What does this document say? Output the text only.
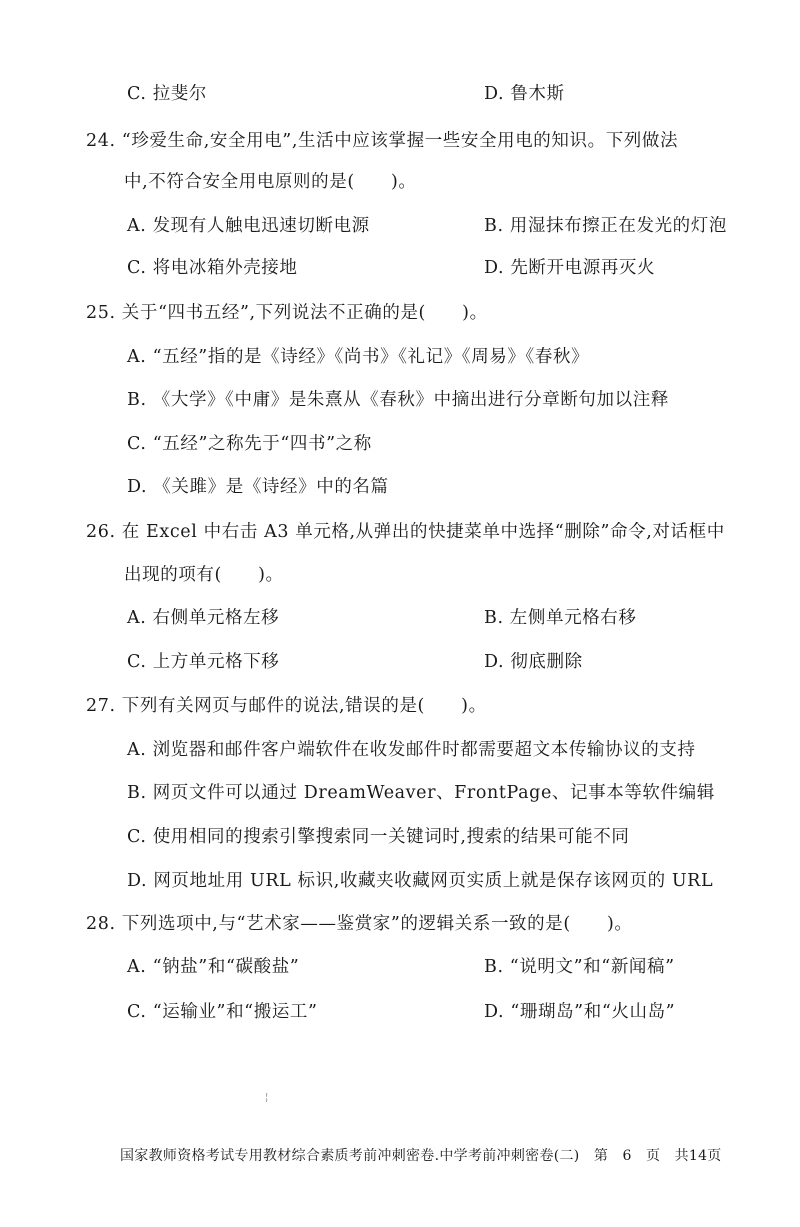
C. 拉斐尔	D. 鲁木斯
24. “珍爱生命,安全用电”,生活中应该掌握一些安全用电的知识。下列做法
中,不符合安全用电原则的是(　　)。
A. 发现有人触电迅速切断电源	B. 用湿抹布擦正在发光的灯泡
C. 将电冰箱外壳接地	D. 先断开电源再灭火
25. 关于“四书五经”,下列说法不正确的是(　　)。
A. “五经”指的是《诗经》《尚书》《礼记》《周易》《春秋》
B. 《大学》《中庸》是朱熹从《春秋》中摘出进行分章断句加以注释
C. “五经”之称先于“四书”之称
D. 《关雎》是《诗经》中的名篇
26. 在 Excel 中右击 A3 单元格,从弹出的快捷菜单中选择“删除”命令,对话框中
出现的项有(　　)。
A. 右侧单元格左移	B. 左侧单元格右移
C. 上方单元格下移	D. 彻底删除
27. 下列有关网页与邮件的说法,错误的是(　　)。
A. 浏览器和邮件客户端软件在收发邮件时都需要超文本传输协议的支持
B. 网页文件可以通过 DreamWeaver、FrontPage、记事本等软件编辑
C. 使用相同的搜索引擎搜索同一关键词时,搜索的结果可能不同
D. 网页地址用 URL 标识,收藏夹收藏网页实质上就是保存该网页的 URL
28. 下列选项中,与“艺术家——鉴赏家”的逻辑关系一致的是(　　)。
A. “钠盐”和“碳酸盐”	B. “说明文”和“新闻稿”
C. “运输业”和“搬运工”	D. “珊瑚岛”和“火山岛”
¦
国家教师资格考试专用教材综合素质考前冲刺密卷.中学考前冲刺密卷(二)　第　6　页　共14页
